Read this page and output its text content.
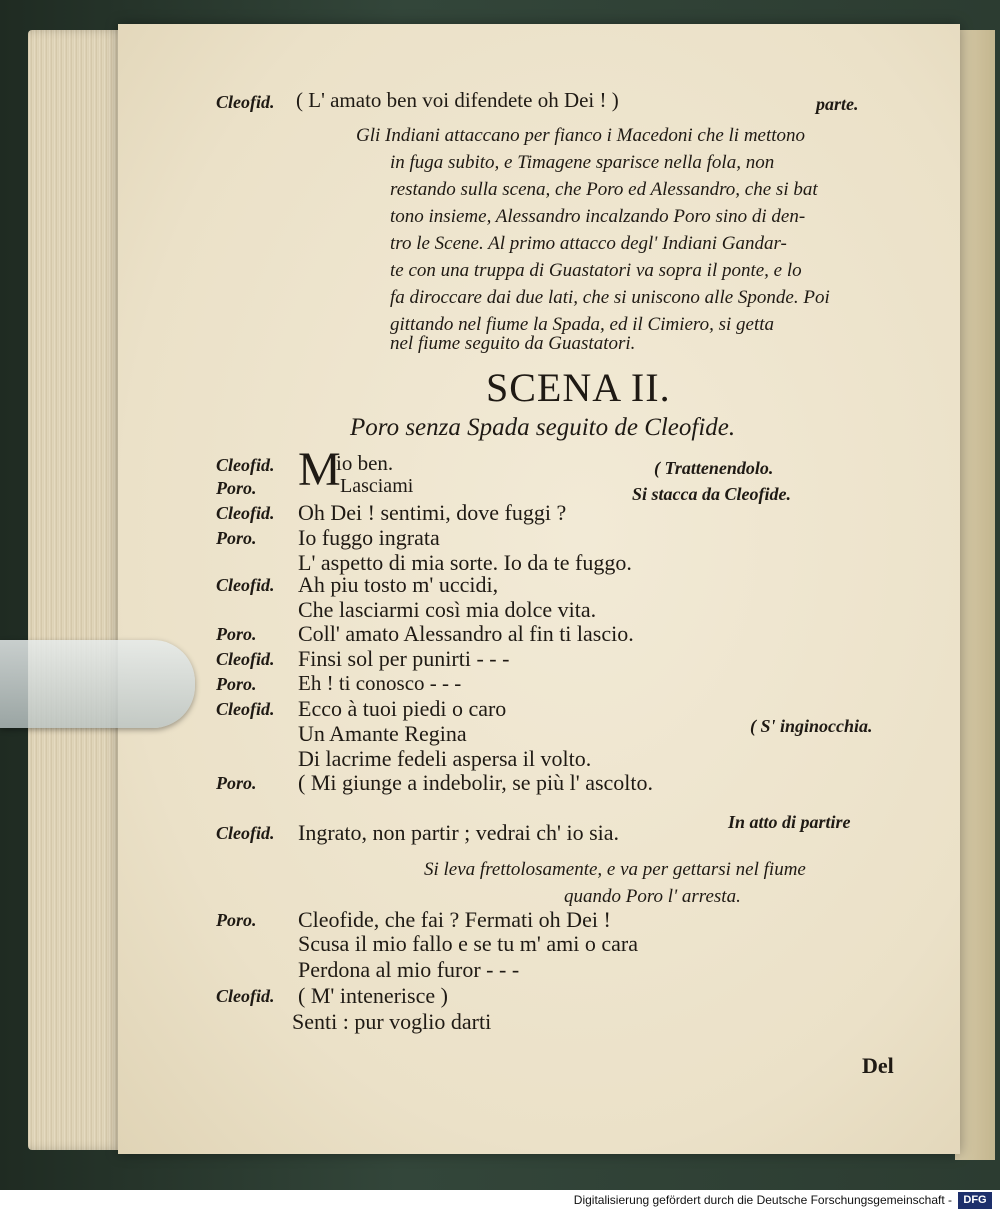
Cleofid. ( L' amato ben voi difendete oh Dei ! )	parte.
Gli Indiani attaccano per fianco i Macedoni che li mettono
in fuga subito, e Timagene sparisce nella fola, non
restando sulla scena, che Poro ed Alessandro, che si bat
tono insieme, Alessandro incalzando Poro sino di den-
tro le Scene. Al primo attacco degl' Indiani Gandar-
te con una truppa di Guastatori va sopra il ponte, e lo
fa diroccare dai due lati, che si uniscono alle Sponde. Poi
gittando nel fiume la Spada, ed il Cimiero, si getta
nel fiume seguito da Guastatori.
SCENA II.
Poro senza Spada seguito de Cleofide.
M
Cleofid.	io ben.
Poro.	Lasciami
Cleofid. Oh Dei ! sentimi, dove fuggi ?
Poro. Io fuggo ingrata
L' aspetto di mia sorte. Io da te fuggo.
Cleofid. Ah piu tosto m' uccidi,
Che lasciarmi così mia dolce vita.
Poro. Coll' amato Alessandro al fin ti lascio.
Cleofid. Finsi sol per punirti - - -
Poro. Eh ! ti conosco - - -
Cleofid. Ecco à tuoi piedi o caro
Un Amante Regina
Di lacrime fedeli aspersa il volto.
Poro. ( Mi giunge a indebolir, se più l' ascolto.
Cleofid. Ingrato, non partir ; vedrai ch' io sia.
Poro. Cleofide, che fai ? Fermati oh Dei !
Scusa il mio fallo e se tu m' ami o cara
Perdona al mio furor - - -
Cleofid. ( M' intenerisce )
Senti : pur voglio darti
( Trattenendolo.
Si stacca da Cleofide.
( S' inginocchia.
In atto di partire
Si leva frettolosamente, e va per gettarsi nel fiume
quando Poro l' arresta.
Del
Digitalisierung gefördert durch die Deutsche Forschungsgemeinschaft -	DFG
